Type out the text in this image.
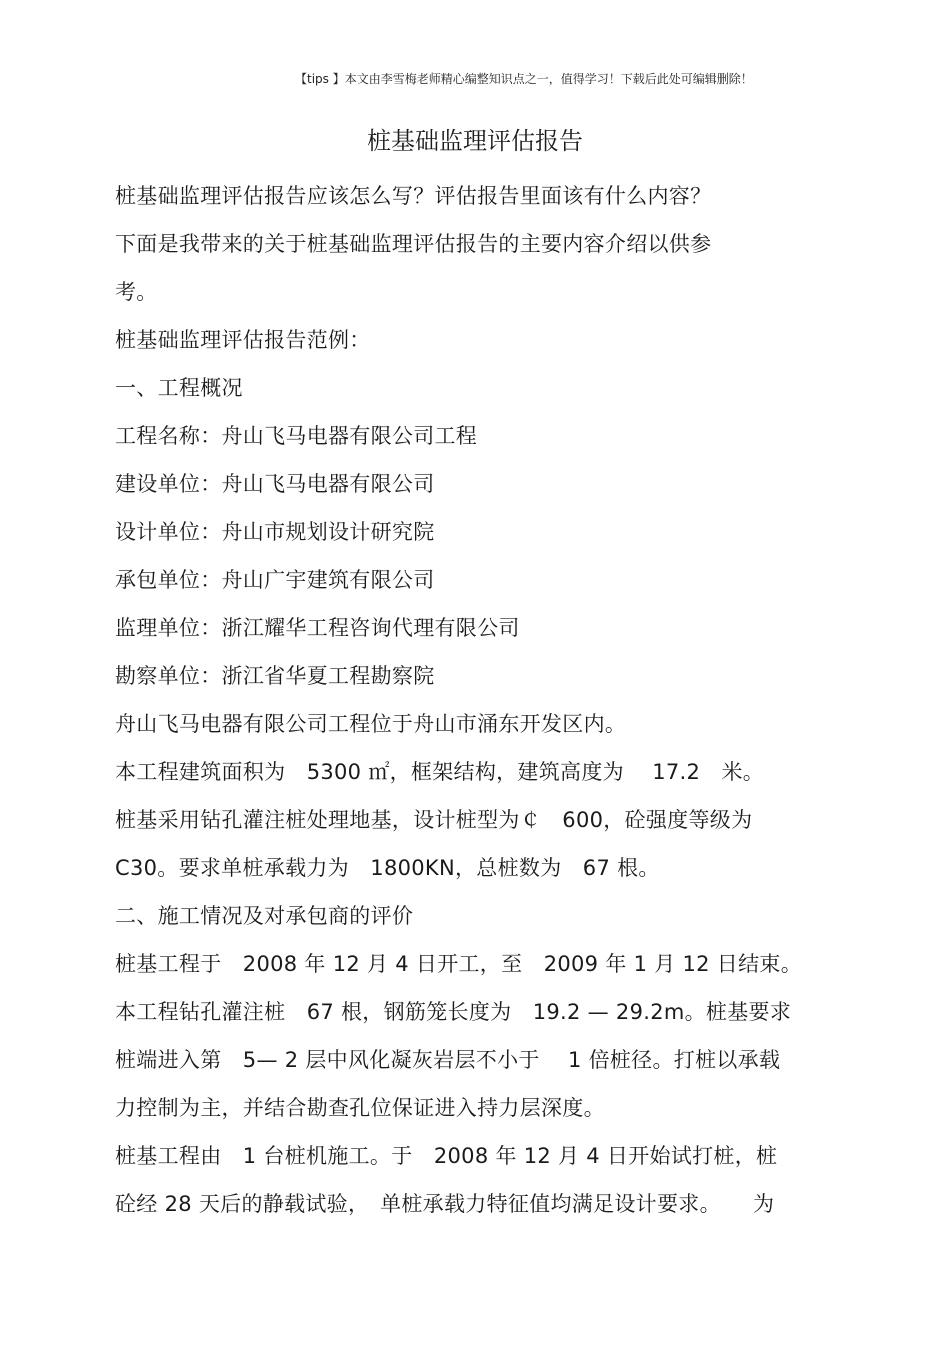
【tips 】本文由李雪梅老师精心编整知识点之一，值得学习！下载后此处可编辑删除！
桩基础监理评估报告
桩基础监理评估报告应该怎么写？评估报告里面该有什么内容？
下面是我带来的关于桩基础监理评估报告的主要内容介绍以供参
考。
桩基础监理评估报告范例：
一、工程概况
工程名称：舟山飞马电器有限公司工程
建设单位：舟山飞马电器有限公司
设计单位：舟山市规划设计研究院
承包单位：舟山广宇建筑有限公司
监理单位：浙江耀华工程咨询代理有限公司
勘察单位：浙江省华夏工程勘察院
舟山飞马电器有限公司工程位于舟山市涌东开发区内。
本工程建筑面积为　5300 ㎡，框架结构，建筑高度为　 17.2　米。
桩基采用钻孔灌注桩处理地基，设计桩型为￠　600，砼强度等级为
C30。要求单桩承载力为　1800KN，总桩数为　67 根。
二、施工情况及对承包商的评价
桩基工程于　2008 年 12 月 4 日开工，至　2009 年 1 月 12 日结束。
本工程钻孔灌注桩　67 根，钢筋笼长度为　19.2 — 29.2m。桩基要求
桩端进入第　5— 2 层中风化凝灰岩层不小于　 1 倍桩径。打桩以承载
力控制为主，并结合勘查孔位保证进入持力层深度。
桩基工程由　1 台桩机施工。于　2008 年 12 月 4 日开始试打桩，桩
砼经 28 天后的静载试验，　单桩承载力特征值均满足设计要求。　　为
